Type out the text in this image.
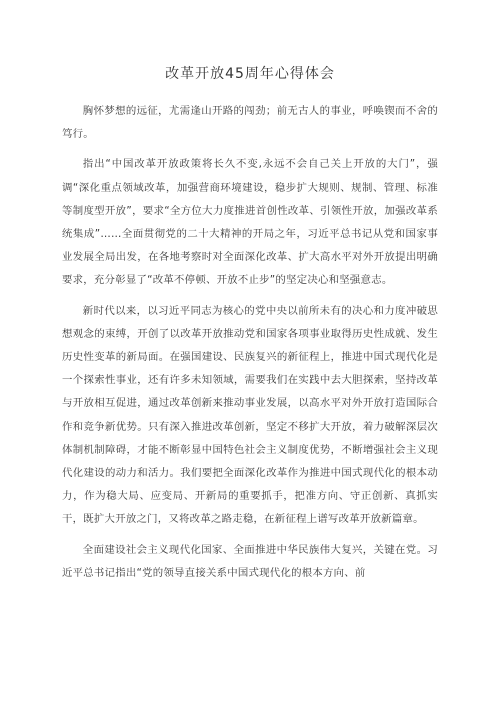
改革开放45周年心得体会

胸怀梦想的远征，尤需逢山开路的闯劲；前无古人的事业，呼唤锲而不舍的笃行。

指出“中国改革开放政策将长久不变,永远不会自己关上开放的大门”，强调“深化重点领域改革，加强营商环境建设，稳步扩大规则、规制、管理、标准等制度型开放”，要求“全方位大力度推进首创性改革、引领性开放，加强改革系统集成”……全面贯彻党的二十大精神的开局之年，习近平总书记从党和国家事业发展全局出发，在各地考察时对全面深化改革、扩大高水平对外开放提出明确要求，充分彰显了“改革不停顿、开放不止步”的坚定决心和坚强意志。

新时代以来，以习近平同志为核心的党中央以前所未有的决心和力度冲破思想观念的束缚，开创了以改革开放推动党和国家各项事业取得历史性成就、发生历史性变革的新局面。在强国建设、民族复兴的新征程上，推进中国式现代化是一个探索性事业，还有许多未知领域，需要我们在实践中去大胆探索，坚持改革与开放相互促进，通过改革创新来推动事业发展，以高水平对外开放打造国际合作和竞争新优势。只有深入推进改革创新，坚定不移扩大开放，着力破解深层次体制机制障碍，才能不断彰显中国特色社会主义制度优势，不断增强社会主义现代化建设的动力和活力。我们要把全面深化改革作为推进中国式现代化的根本动力，作为稳大局、应变局、开新局的重要抓手，把准方向、守正创新、真抓实干，既扩大开放之门，又将改革之路走稳，在新征程上谱写改革开放新篇章。

全面建设社会主义现代化国家、全面推进中华民族伟大复兴，关键在党。习近平总书记指出“党的领导直接关系中国式现代化的根本方向、前
